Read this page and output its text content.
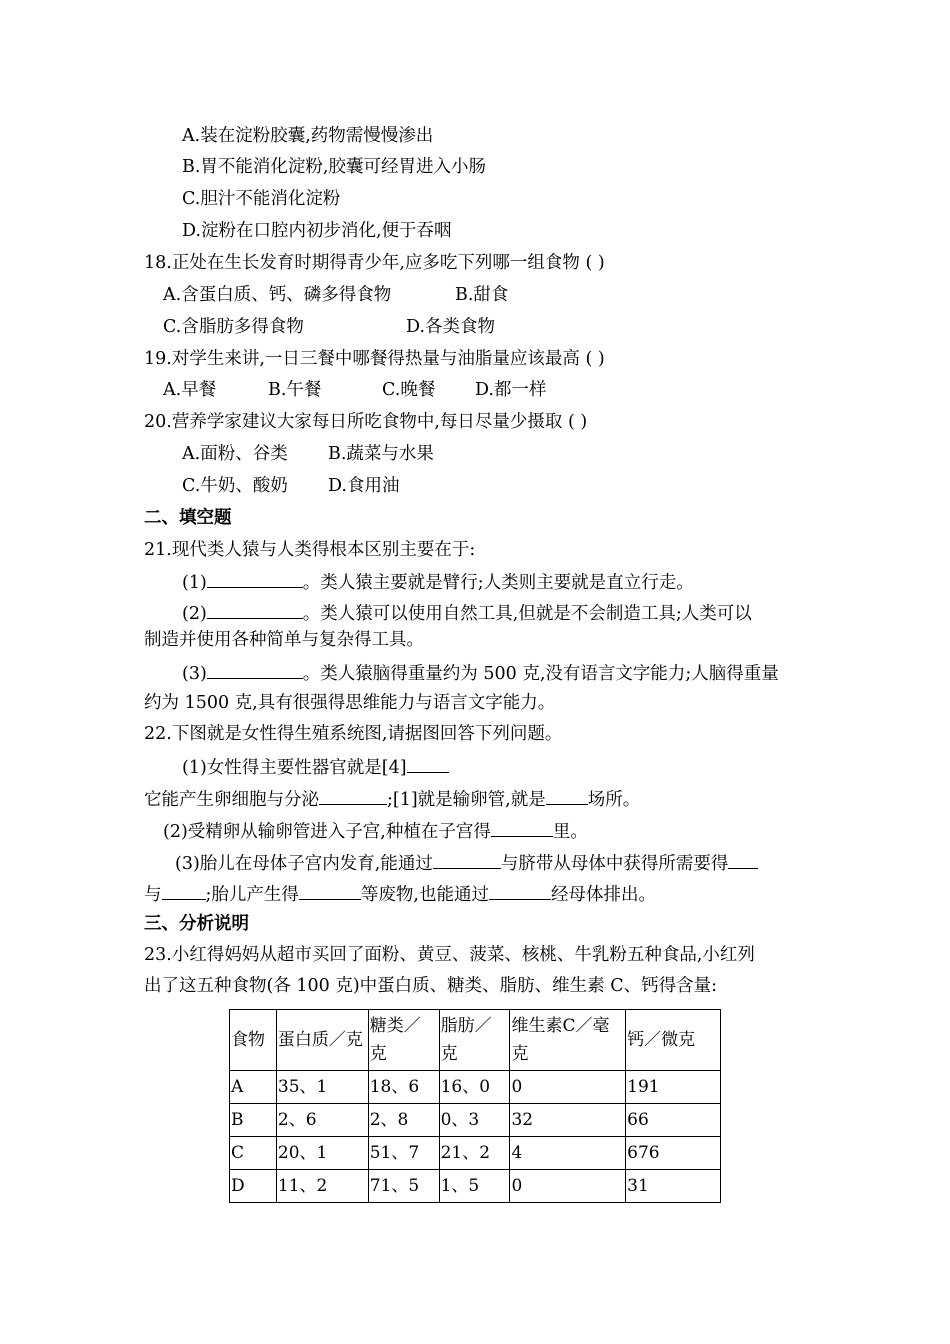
A.装在淀粉胶囊,药物需慢慢渗出
B.胃不能消化淀粉,胶囊可经胃进入小肠
C.胆汁不能消化淀粉
D.淀粉在口腔内初步消化,便于吞咽
18.正处在生长发育时期得青少年,应多吃下列哪一组食物 ( )
A.含蛋白质、钙、磷多得食物	B.甜食
C.含脂肪多得食物	D.各类食物
19.对学生来讲,一日三餐中哪餐得热量与油脂量应该最高 ( )
A.早餐	B.午餐	C.晚餐 D.都一样
20.营养学家建议大家每日所吃食物中,每日尽量少摄取 ( )
A.面粉、谷类 B.蔬菜与水果
C.牛奶、酸奶 D.食用油
二、填空题
21.现代类人猿与人类得根本区别主要在于:
(1)	。类人猿主要就是臂行;人类则主要就是直立行走。
(2)	。类人猿可以使用自然工具,但就是不会制造工具;人类可以
制造并使用各种简单与复杂得工具。
(3)	。类人猿脑得重量约为 500 克,没有语言文字能力;人脑得重量
约为 1500 克,具有很强得思维能力与语言文字能力。
22.下图就是女性得生殖系统图,请据图回答下列问题。
(1)女性得主要性器官就是[4]
它能产生卵细胞与分泌	;[1]就是输卵管,就是 场所。
(2)受精卵从输卵管进入子宫,种植在子宫得	里。
(3)胎儿在母体子宫内发育,能通过	与脐带从母体中获得所需要得
与	;胎儿产生得	等废物,也能通过	经母体排出。
三、分析说明
23.小红得妈妈从超市买回了面粉、黄豆、菠菜、核桃、牛乳粉五种食品,小红列
出了这五种食物(各 100 克)中蛋白质、糖类、脂肪、维生素 C、钙得含量:
食物	蛋白质／克	糖类／克	脂肪／克	维生素C／毫克	钙／微克
A	35、1	18、6	16、0	0	191
B	2、6	2、8	0、3	32	66
C	20、1	51、7	21、2	4	676
D	11、2	71、5	1、5	0	31
